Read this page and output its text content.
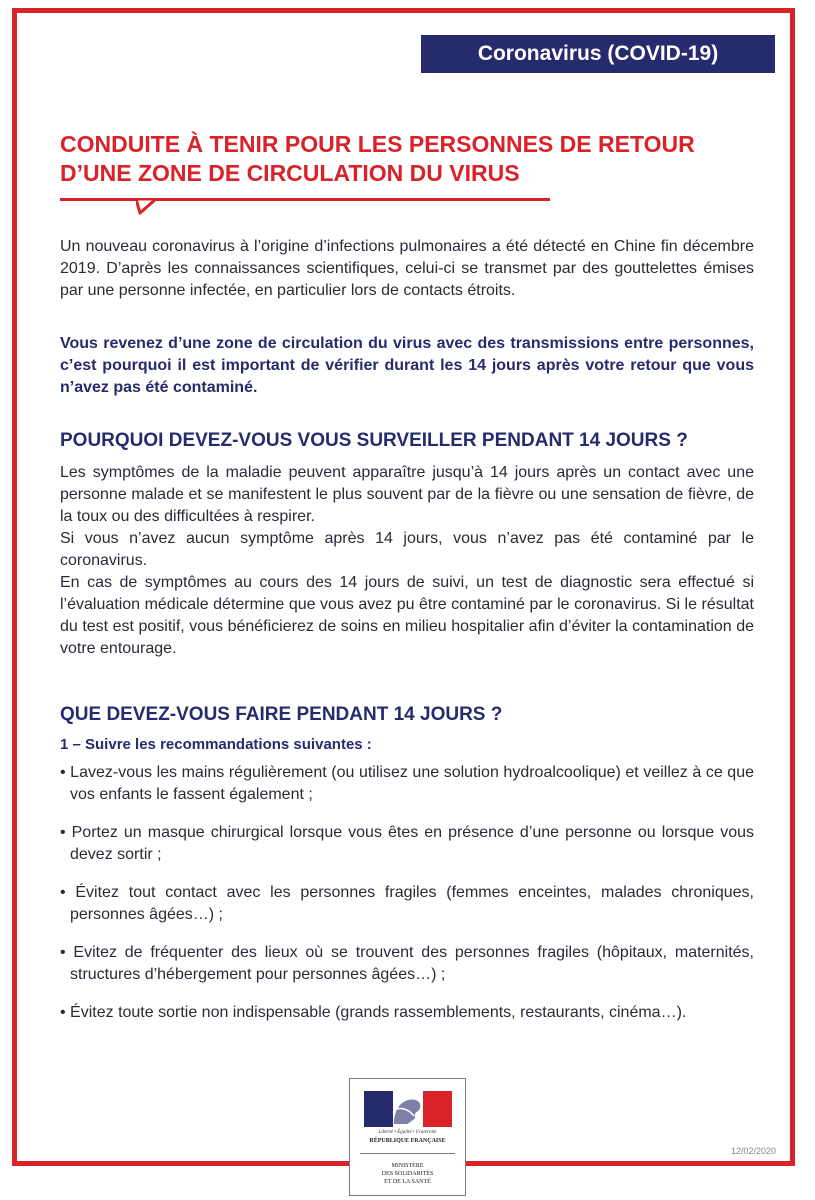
Coronavirus (COVID-19)
CONDUITE À TENIR POUR LES PERSONNES DE RETOUR
D’UNE ZONE DE CIRCULATION DU VIRUS

Un nouveau coronavirus à l’origine d’infections pulmonaires a été détecté en Chine fin décembre 2019. D’après les connaissances scientifiques, celui-ci se transmet par des gouttelettes émises par une personne infectée, en particulier lors de contacts étroits.

Vous revenez d’une zone de circulation du virus avec des transmissions entre personnes, c’est pourquoi il est important de vérifier durant les 14 jours après votre retour que vous n’avez pas été contaminé.

POURQUOI DEVEZ-VOUS VOUS SURVEILLER PENDANT 14 JOURS ?

Les symptômes de la maladie peuvent apparaître jusqu’à 14 jours après un contact avec une personne malade et se manifestent le plus souvent par de la fièvre ou une sensation de fièvre, de la toux ou des difficultées à respirer.

Si vous n’avez aucun symptôme après 14 jours, vous n’avez pas été contaminé par le coronavirus.

En cas de symptômes au cours des 14 jours de suivi, un test de diagnostic sera effectué si l’évaluation médicale détermine que vous avez pu être contaminé par le coronavirus. Si le résultat du test est positif, vous bénéficierez de soins en milieu hospitalier afin d’éviter la contamination de votre entourage.

QUE DEVEZ-VOUS FAIRE PENDANT 14 JOURS ?

1 – Suivre les recommandations suivantes :

• Lavez-vous les mains régulièrement (ou utilisez une solution hydroalcoolique) et veillez à ce que vos enfants le fassent également ;
• Portez un masque chirurgical lorsque vous êtes en présence d’une personne ou lorsque vous devez sortir ;
• Évitez tout contact avec les personnes fragiles (femmes enceintes, malades chroniques, personnes âgées…) ;
• Evitez de fréquenter des lieux où se trouvent des personnes fragiles (hôpitaux, maternités, structures d’hébergement pour personnes âgées…) ;
• Évitez toute sortie non indispensable (grands rassemblements, restaurants, cinéma…).
Liberté • Égalité • Fraternité
RÉPUBLIQUE FRANÇAISE
MINISTÈRE
DES SOLIDARITÉS
ET DE LA SANTÉ
12/02/2020
